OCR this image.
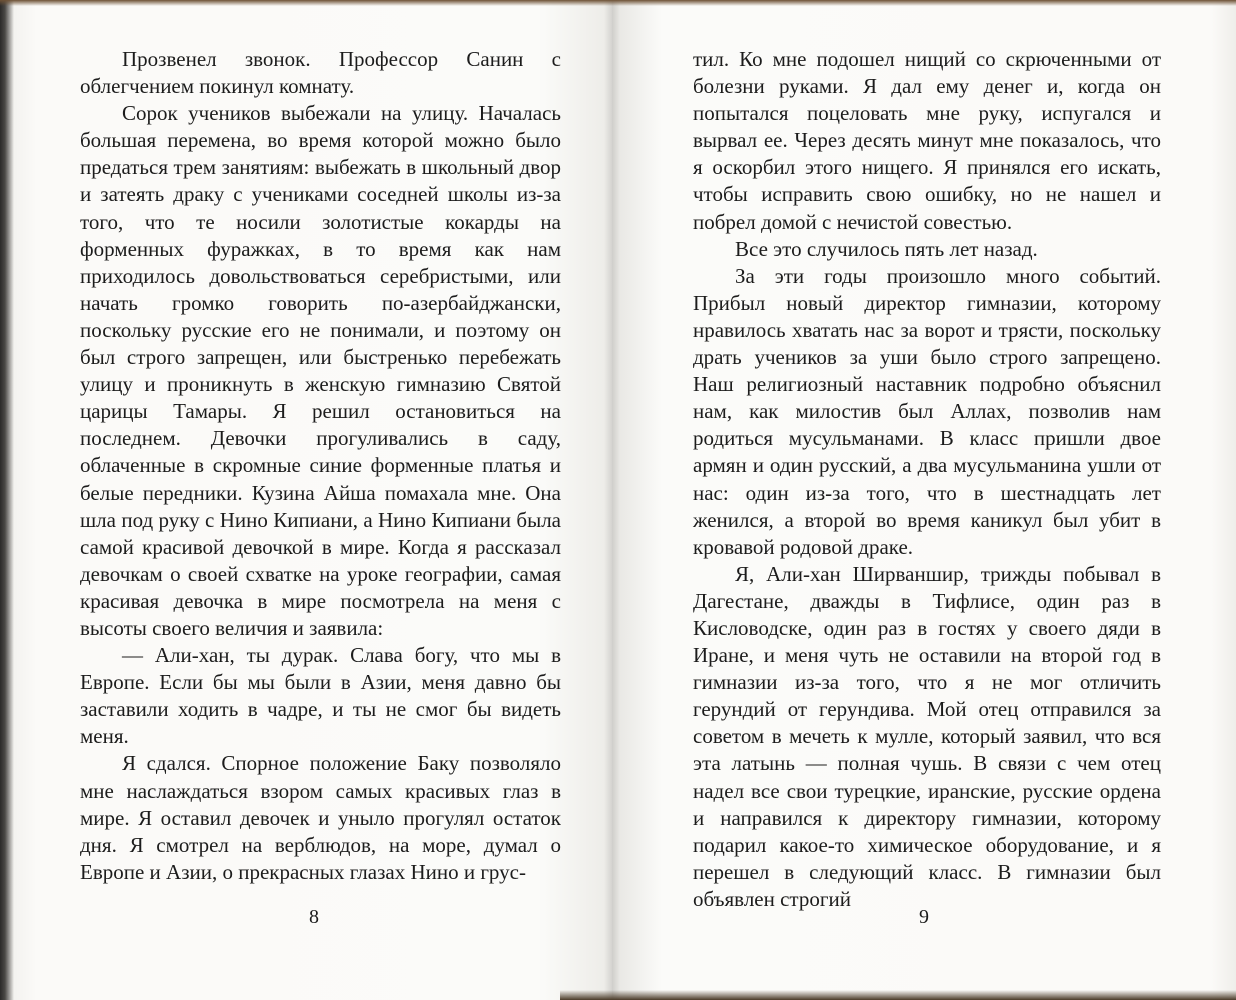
Прозвенел звонок. Профессор Санин с облегчением покинул комнату.

Сорок учеников выбежали на улицу. Началась большая перемена, во время которой можно было предаться трем занятиям: выбежать в школьный двор и затеять драку с учениками соседней школы из-за того, что те носили золотистые кокарды на форменных фуражках, в то время как нам приходилось довольствоваться серебристыми, или начать громко говорить по-азербайджански, поскольку русские его не понимали, и поэтому он был строго запрещен, или быстренько перебежать улицу и проникнуть в женскую гимназию Святой царицы Тамары. Я решил остановиться на последнем. Девочки прогуливались в саду, облаченные в скромные синие форменные платья и белые передники. Кузина Айша помахала мне. Она шла под руку с Нино Кипиани, а Нино Кипиани была самой красивой девочкой в мире. Когда я рассказал девочкам о своей схватке на уроке географии, самая красивая девочка в мире посмотрела на меня с высоты своего величия и заявила:

— Али-хан, ты дурак. Слава богу, что мы в Европе. Если бы мы были в Азии, меня давно бы заставили ходить в чадре, и ты не смог бы видеть меня.

Я сдался. Спорное положение Баку позволяло мне наслаждаться взором самых красивых глаз в мире. Я оставил девочек и уныло прогулял остаток дня. Я смотрел на верблюдов, на море, думал о Европе и Азии, о прекрасных глазах Нино и грус-

8

тил. Ко мне подошел нищий со скрюченными от болезни руками. Я дал ему денег и, когда он попытался поцеловать мне руку, испугался и вырвал ее. Через десять минут мне показалось, что я оскорбил этого нищего. Я принялся его искать, чтобы исправить свою ошибку, но не нашел и побрел домой с нечистой совестью.

Все это случилось пять лет назад.

За эти годы произошло много событий. Прибыл новый директор гимназии, которому нравилось хватать нас за ворот и трясти, поскольку драть учеников за уши было строго запрещено. Наш религиозный наставник подробно объяснил нам, как милостив был Аллах, позволив нам родиться мусульманами. В класс пришли двое армян и один русский, а два мусульманина ушли от нас: один из-за того, что в шестнадцать лет женился, а второй во время каникул был убит в кровавой родовой драке.

Я, Али-хан Ширваншир, трижды побывал в Дагестане, дважды в Тифлисе, один раз в Кисловодске, один раз в гостях у своего дяди в Иране, и меня чуть не оставили на второй год в гимназии из-за того, что я не мог отличить герундий от герундива. Мой отец отправился за советом в мечеть к мулле, который заявил, что вся эта латынь — полная чушь. В связи с чем отец надел все свои турецкие, иранские, русские ордена и направился к директору гимназии, которому подарил какое-то химическое оборудование, и я перешел в следующий класс. В гимназии был объявлен строгий

9
